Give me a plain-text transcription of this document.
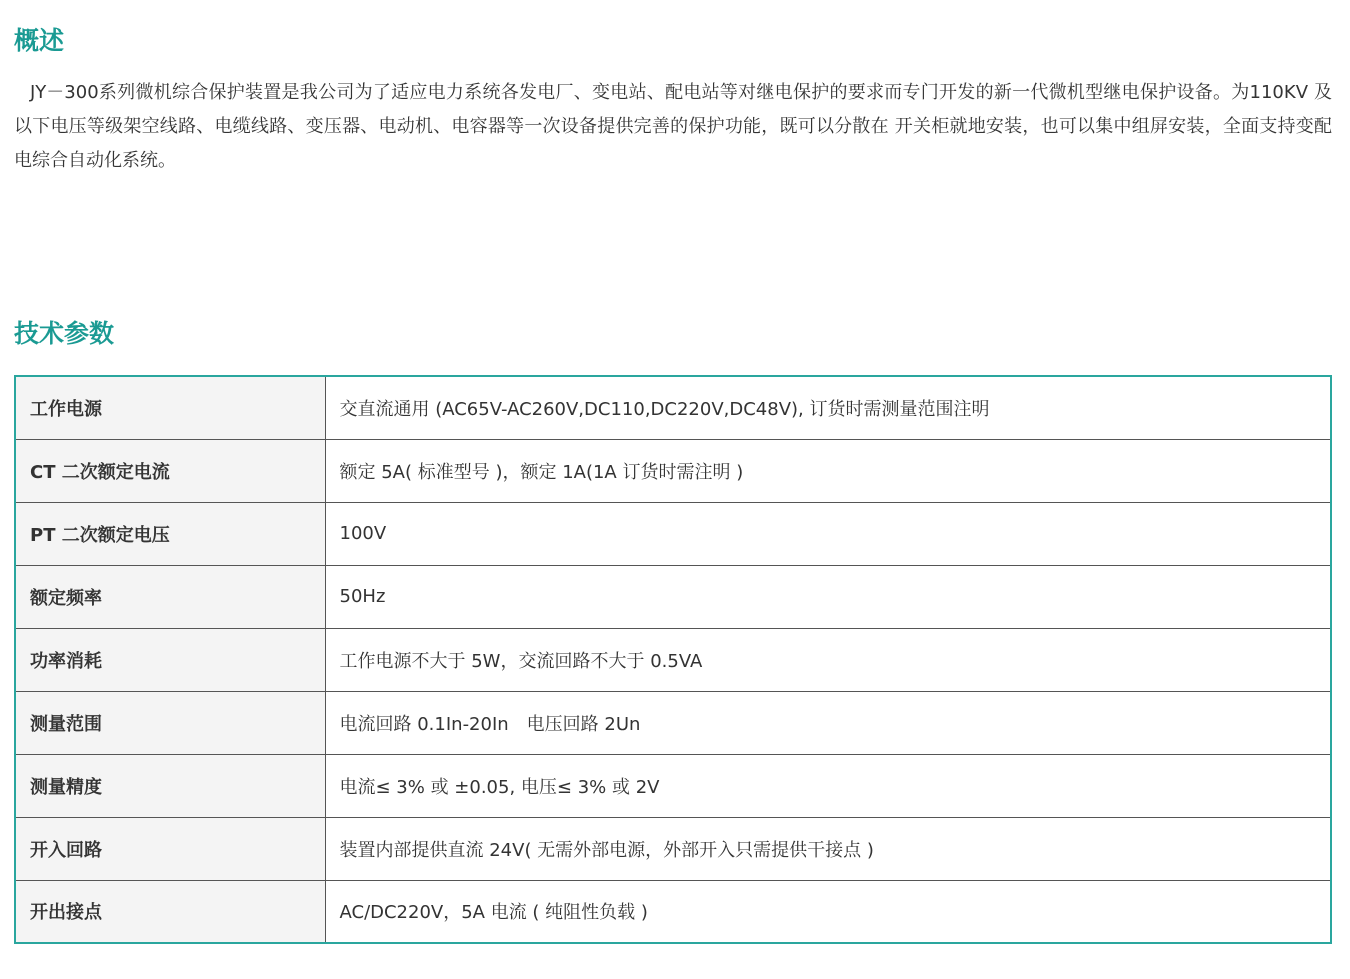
概述

JY－300系列微机综合保护装置是我公司为了适应电力系统各发电厂、变电站、配电站等对继电保护的要求而专门开发的新一代微机型继电保护设备。为110KV 及以下电压等级架空线路、电缆线路、变压器、电动机、电容器等一次设备提供完善的保护功能，既可以分散在 开关柜就地安装，也可以集中组屏安装，全面支持变配电综合自动化系统。

技术参数
工作电源	交直流通用 (AC65V-AC260V,DC110,DC220V,DC48V), 订货时需测量范围注明
CT 二次额定电流	额定 5A( 标准型号 )，额定 1A(1A 订货时需注明 )
PT 二次额定电压	100V
额定频率	50Hz
功率消耗	工作电源不大于 5W，交流回路不大于 0.5VA
测量范围	电流回路 0.1In-20In　电压回路 2Un
测量精度	电流≤ 3% 或 ±0.05, 电压≤ 3% 或 2V
开入回路	装置内部提供直流 24V( 无需外部电源，外部开入只需提供干接点 )
开出接点	AC/DC220V，5A 电流 ( 纯阻性负载 )
